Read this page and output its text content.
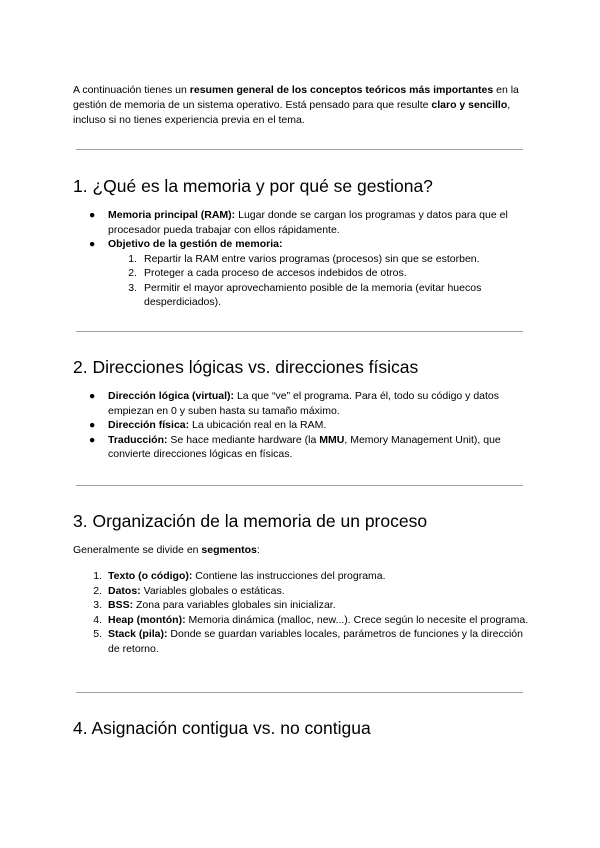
A continuación tienes un resumen general de los conceptos teóricos más importantes en la gestión de memoria de un sistema operativo. Está pensado para que resulte claro y sencillo, incluso si no tienes experiencia previa en el tema.

1. ¿Qué es la memoria y por qué se gestiona?
● Memoria principal (RAM): Lugar donde se cargan los programas y datos para que el procesador pueda trabajar con ellos rápidamente.
● Objetivo de la gestión de memoria:
1. Repartir la RAM entre varios programas (procesos) sin que se estorben.
2. Proteger a cada proceso de accesos indebidos de otros.
3. Permitir el mayor aprovechamiento posible de la memoria (evitar huecos desperdiciados).
2. Direcciones lógicas vs. direcciones físicas
● Dirección lógica (virtual): La que “ve” el programa. Para él, todo su código y datos empiezan en 0 y suben hasta su tamaño máximo.
● Dirección física: La ubicación real en la RAM.
● Traducción: Se hace mediante hardware (la MMU, Memory Management Unit), que convierte direcciones lógicas en físicas.
3. Organización de la memoria de un proceso

Generalmente se divide en segmentos:

1. Texto (o código): Contiene las instrucciones del programa.
2. Datos: Variables globales o estáticas.
3. BSS: Zona para variables globales sin inicializar.
4. Heap (montón): Memoria dinámica (malloc, new...). Crece según lo necesite el programa.
5. Stack (pila): Donde se guardan variables locales, parámetros de funciones y la dirección de retorno.
4. Asignación contigua vs. no contigua
